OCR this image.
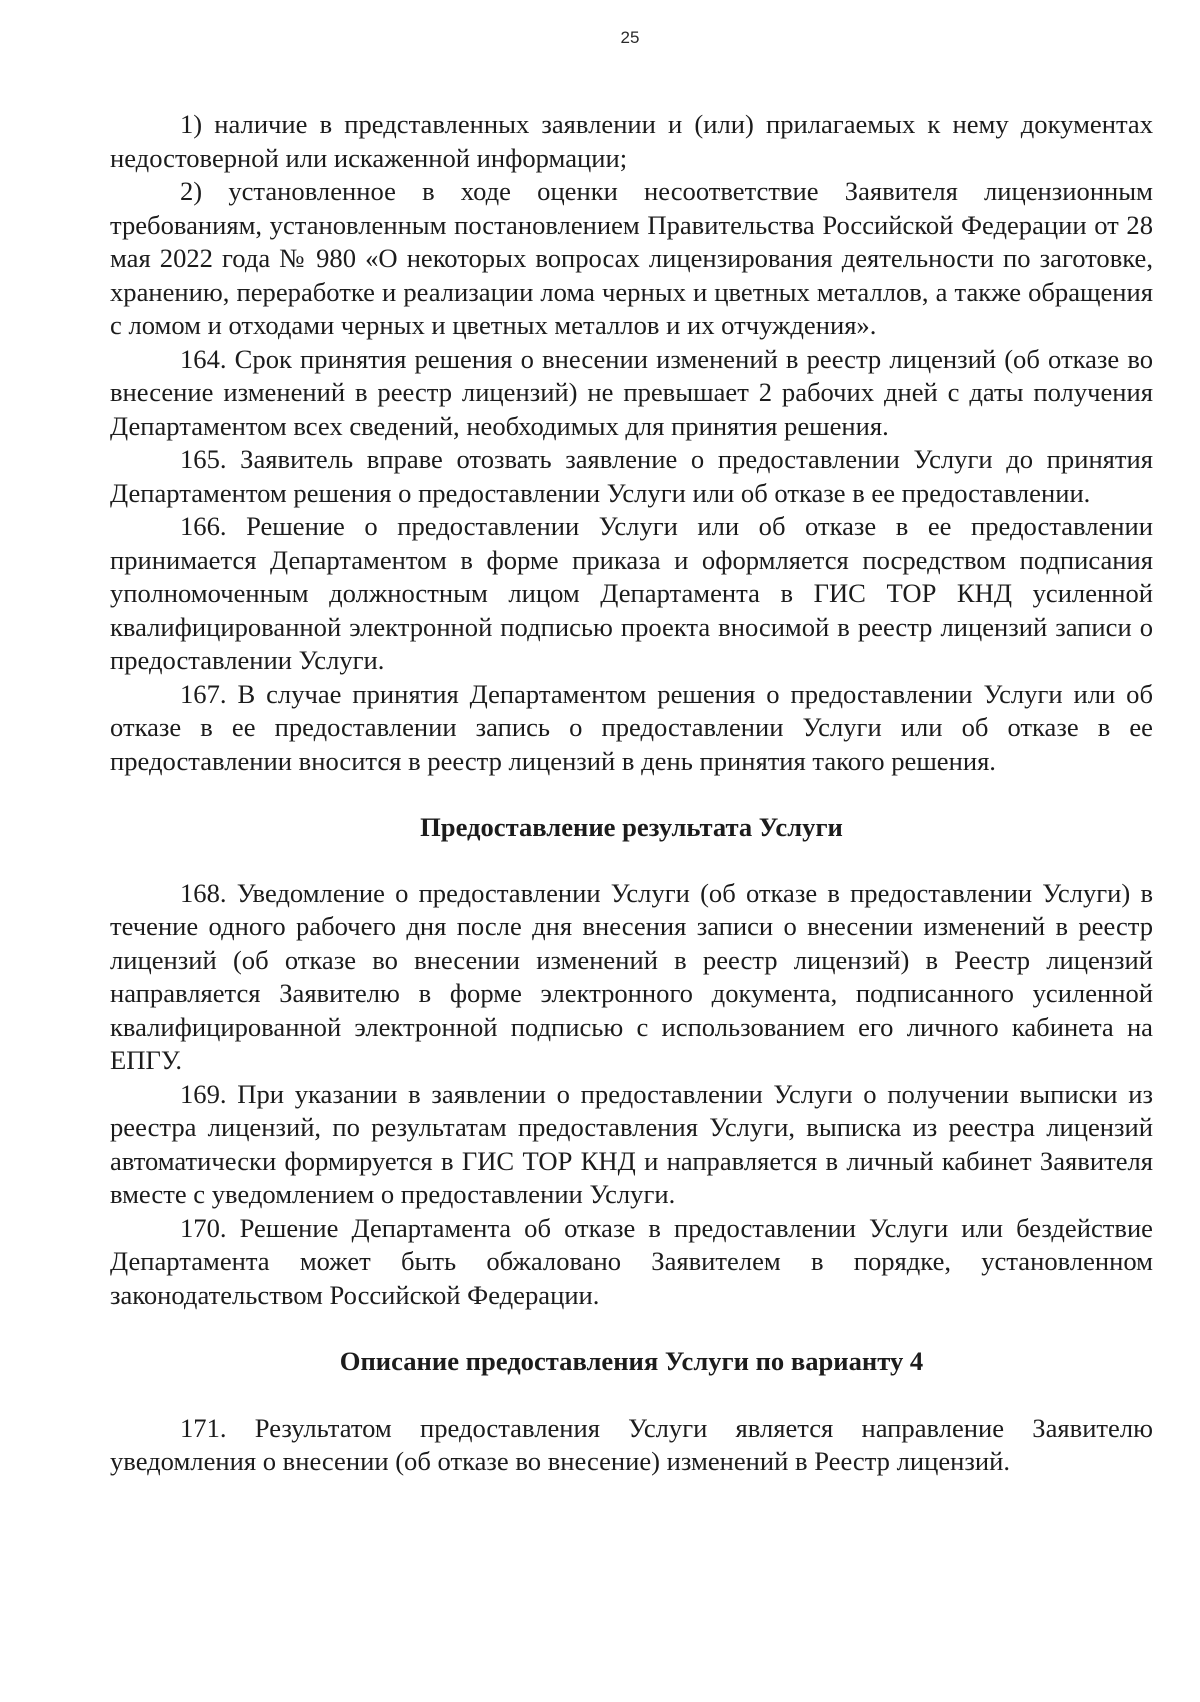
25

1) наличие в представленных заявлении и (или) прилагаемых к нему документах недостоверной или искаженной информации;

2) установленное в ходе оценки несоответствие Заявителя лицензионным требованиям, установленным постановлением Правительства Российской Федерации от 28 мая 2022 года № 980 «О некоторых вопросах лицензирования деятельности по заготовке, хранению, переработке и реализации лома черных и цветных металлов, а также обращения с ломом и отходами черных и цветных металлов и их отчуждения».

164. Срок принятия решения о внесении изменений в реестр лицензий (об отказе во внесение изменений в реестр лицензий) не превышает 2 рабочих дней с даты получения Департаментом всех сведений, необходимых для принятия решения.

165. Заявитель вправе отозвать заявление о предоставлении Услуги до принятия Департаментом решения о предоставлении Услуги или об отказе в ее предоставлении.

166. Решение о предоставлении Услуги или об отказе в ее предоставлении принимается Департаментом в форме приказа и оформляется посредством подписания уполномоченным должностным лицом Департамента в ГИС ТОР КНД усиленной квалифицированной электронной подписью проекта вносимой в реестр лицензий записи о предоставлении Услуги.

167. В случае принятия Департаментом решения о предоставлении Услуги или об отказе в ее предоставлении запись о предоставлении Услуги или об отказе в ее предоставлении вносится в реестр лицензий в день принятия такого решения.

Предоставление результата Услуги

168. Уведомление о предоставлении Услуги (об отказе в предоставлении Услуги) в течение одного рабочего дня после дня внесения записи о внесении изменений в реестр лицензий (об отказе во внесении изменений в реестр лицензий) в Реестр лицензий направляется Заявителю в форме электронного документа, подписанного усиленной квалифицированной электронной подписью с использованием его личного кабинета на ЕПГУ.

169. При указании в заявлении о предоставлении Услуги о получении выписки из реестра лицензий, по результатам предоставления Услуги, выписка из реестра лицензий автоматически формируется в ГИС ТОР КНД и направляется в личный кабинет Заявителя вместе с уведомлением о предоставлении Услуги.

170. Решение Департамента об отказе в предоставлении Услуги или бездействие Департамента может быть обжаловано Заявителем в порядке, установленном законодательством Российской Федерации.

Описание предоставления Услуги по варианту 4

171. Результатом предоставления Услуги является направление Заявителю уведомления о внесении (об отказе во внесение) изменений в Реестр лицензий.
